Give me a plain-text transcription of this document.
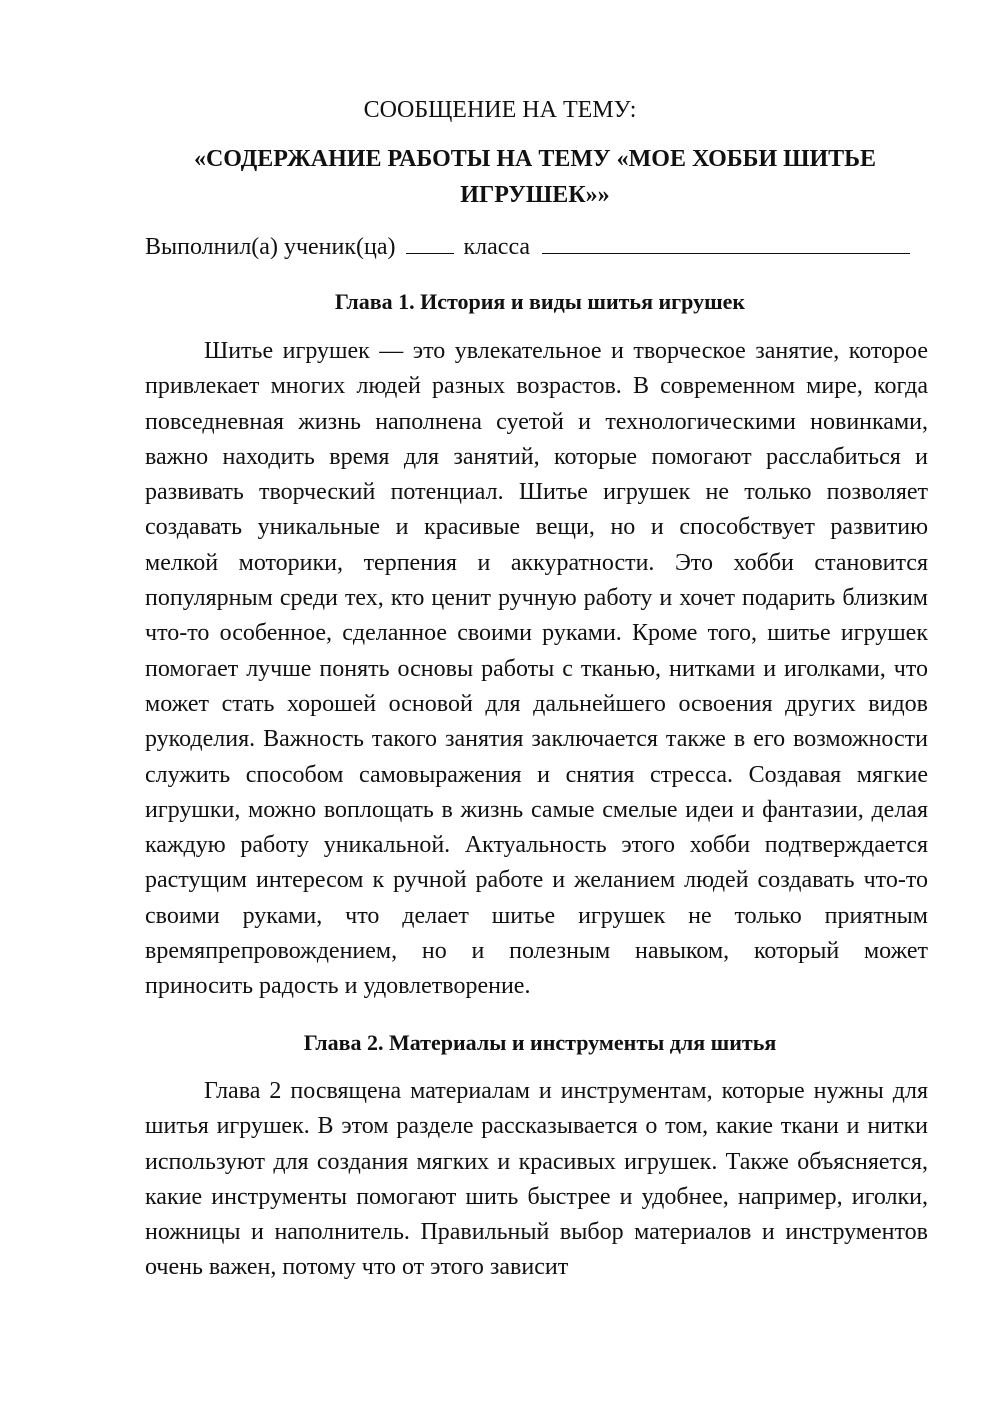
СООБЩЕНИЕ НА ТЕМУ:

«СОДЕРЖАНИЕ РАБОТЫ НА ТЕМУ «МОЕ ХОББИ ШИТЬЕ ИГРУШЕК»»

Выполнил(а) ученик(ца)	класса
Глава 1. История и виды шитья игрушек

Шитье игрушек — это увлекательное и творческое занятие, которое привлекает многих людей разных возрастов. В современном мире, когда повседневная жизнь наполнена суетой и технологическими новинками, важно находить время для занятий, которые помогают расслабиться и развивать творческий потенциал. Шитье игрушек не только позволяет создавать уникальные и красивые вещи, но и способствует развитию мелкой моторики, терпения и аккуратности. Это хобби становится популярным среди тех, кто ценит ручную работу и хочет подарить близким что-то особенное, сделанное своими руками. Кроме того, шитье игрушек помогает лучше понять основы работы с тканью, нитками и иголками, что может стать хорошей основой для дальнейшего освоения других видов рукоделия. Важность такого занятия заключается также в его возможности служить способом самовыражения и снятия стресса. Создавая мягкие игрушки, можно воплощать в жизнь самые смелые идеи и фантазии, делая каждую работу уникальной. Актуальность этого хобби подтверждается растущим интересом к ручной работе и желанием людей создавать что-то своими руками, что делает шитье игрушек не только приятным времяпрепровождением, но и полезным навыком, который может приносить радость и удовлетворение.

Глава 2. Материалы и инструменты для шитья

Глава 2 посвящена материалам и инструментам, которые нужны для шитья игрушек. В этом разделе рассказывается о том, какие ткани и нитки используют для создания мягких и красивых игрушек. Также объясняется, какие инструменты помогают шить быстрее и удобнее, например, иголки, ножницы и наполнитель. Правильный выбор материалов и инструментов очень важен, потому что от этого зависит
